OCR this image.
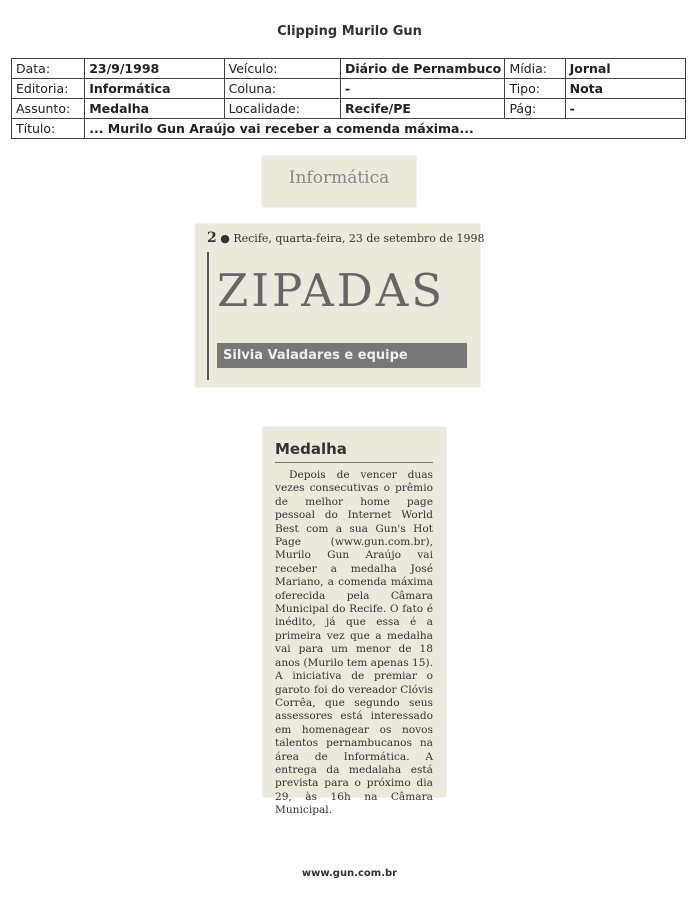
Clipping Murilo Gun
Data:	23/9/1998	Veículo:	Diário de Pernambuco	Mídia:	Jornal
Editoria:	Informática	Coluna:	-	Tipo:	Nota
Assunto:	Medalha	Localidade:	Recife/PE	Pág:	-
Título:	... Murilo Gun Araújo vai receber a comenda máxima...				
Informática
2 ● Recife, quarta-feira, 23 de setembro de 1998
ZIPADAS
Silvia Valadares e equipe
Medalha

Depois de vencer duas vezes consecutivas o prêmio de melhor home page pessoal do Internet World Best com a sua Gun's Hot Page (www.gun.com.br), Murilo Gun Araújo vai receber a medalha José Mariano, a comenda máxima oferecida pela Câmara Municipal do Recife. O fato é inédito, já que essa é a primeira vez que a medalha vai para um menor de 18 anos (Murilo tem apenas 15). A iniciativa de premiar o garoto foi do vereador Clóvis Corrêa, que segundo seus assessores está interessado em homenagear os novos talentos pernambucanos na área de Informática. A entrega da medalaha está prevista para o próximo dia 29, às 16h na Câmara Municipal.

www.gun.com.br
